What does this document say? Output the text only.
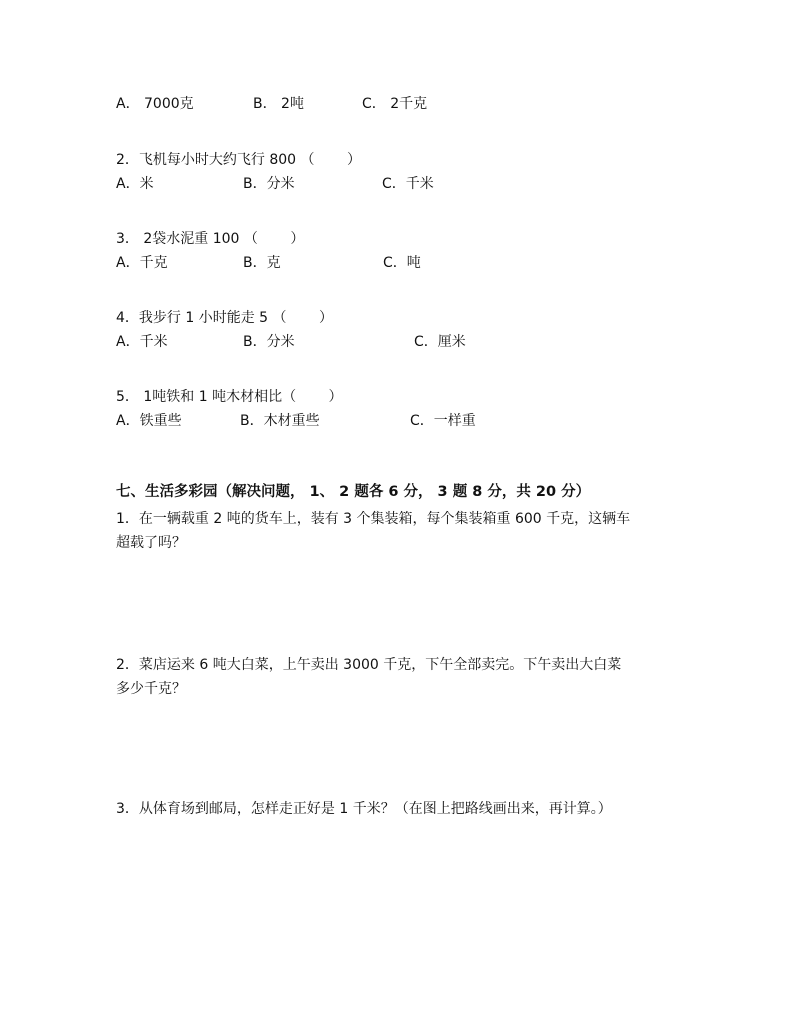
A． 7000克	B． 2吨	C． 2千克
2．飞机每小时大约飞行 800 （　　 ）
A．米	B．分米	C．千米
3． 2袋水泥重 100 （　　 ）
A．千克	B．克	C．吨
4．我步行 1 小时能走 5 （　　 ）
A．千米	B．分米	C．厘米
5． 1吨铁和 1 吨木材相比（　　 ）
A．铁重些	B．木材重些	C．一样重
七、生活多彩园（解决问题， 1、 2 题各 6 分， 3 题 8 分，共 20 分）
1．在一辆载重 2 吨的货车上，装有 3 个集装箱，每个集装箱重 600 千克，这辆车
超载了吗？
2．菜店运来 6 吨大白菜，上午卖出 3000 千克，下午全部卖完。下午卖出大白菜
多少千克？
3．从体育场到邮局，怎样走正好是 1 千米？（在图上把路线画出来，再计算。）
